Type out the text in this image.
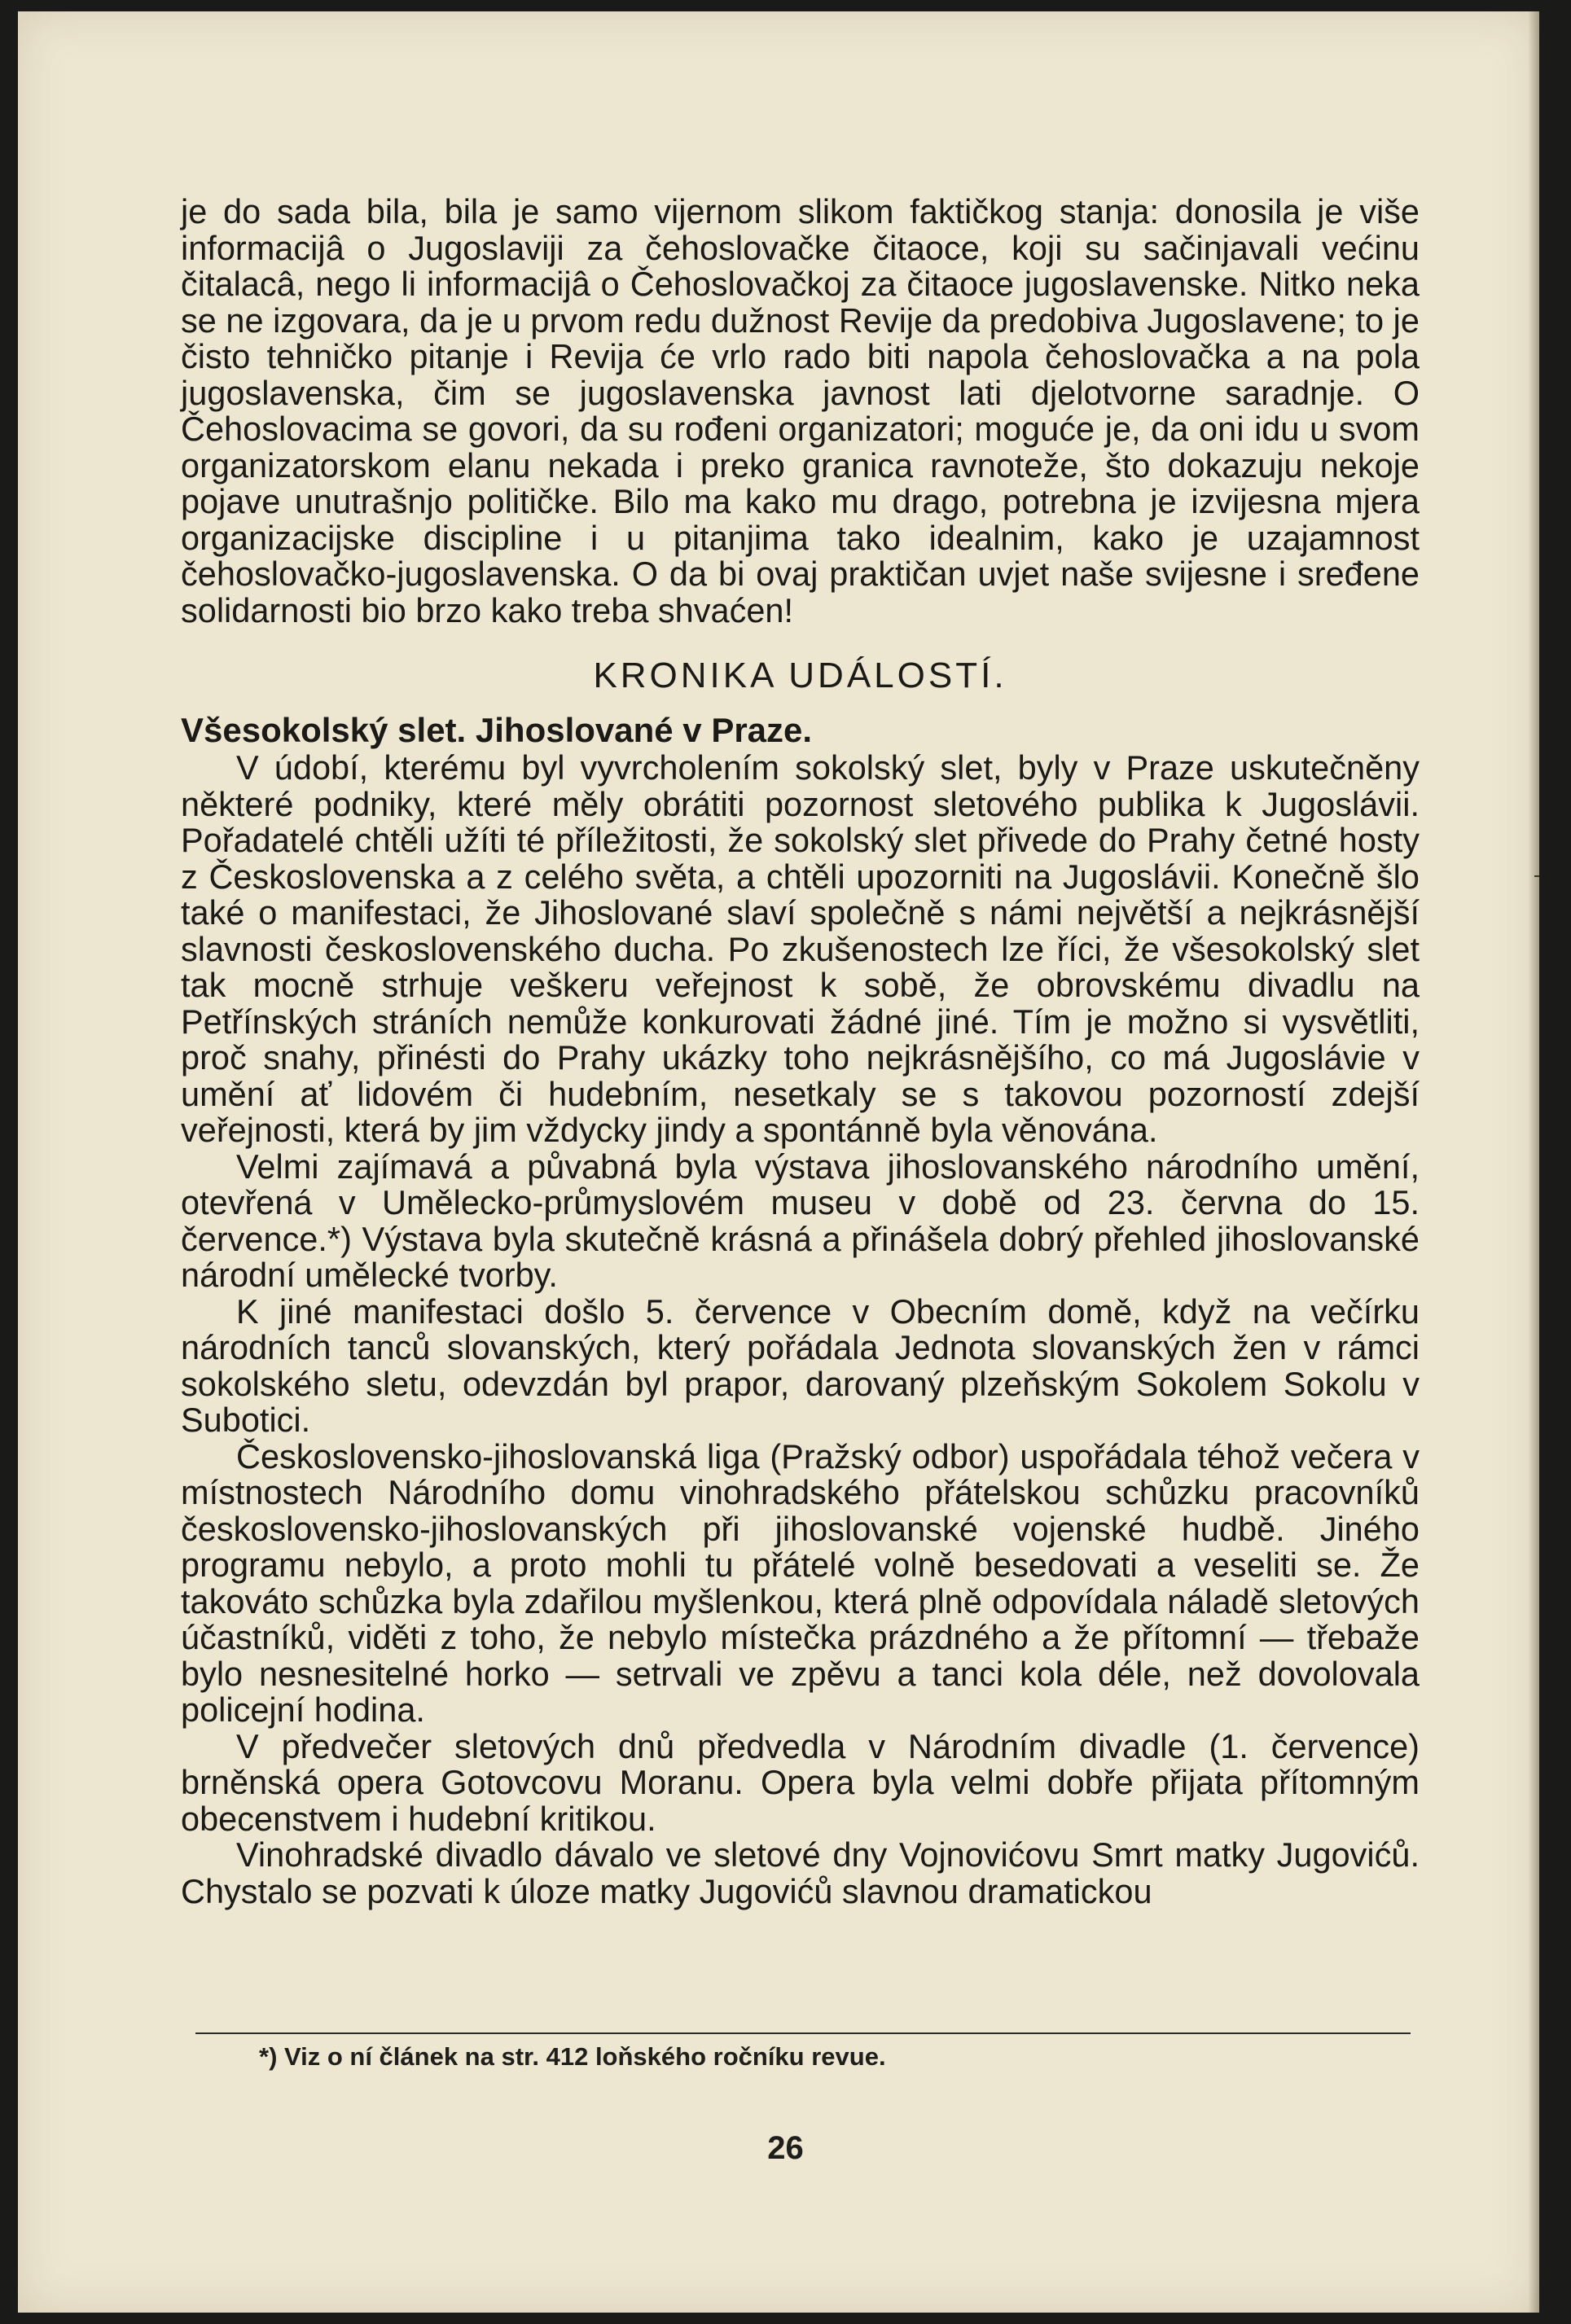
je do sada bila, bila je samo vijernom slikom faktičkog stanja: donosila je više informacijâ o Jugoslaviji za čehoslovačke čitaoce, koji su sačinjavali većinu čitalacâ, nego li informacijâ o Čehoslovačkoj za čitaoce jugoslavenske. Nitko neka se ne izgovara, da je u prvom redu dužnost Revije da predobiva Jugoslavene; to je čisto tehničko pitanje i Revija će vrlo rado biti napola čehoslovačka a na pola jugoslavenska, čim se jugoslavenska javnost lati djelotvorne saradnje. O Čehoslovacima se govori, da su rođeni organizatori; moguće je, da oni idu u svom organizatorskom elanu nekada i preko granica ravnoteže, što dokazuju nekoje pojave unutrašnjo političke. Bilo ma kako mu drago, potrebna je izvijesna mjera organizacijske discipline i u pitanjima tako idealnim, kako je uzajamnost čehoslovačko-jugoslavenska. O da bi ovaj praktičan uvjet naše svijesne i sređene solidarnosti bio brzo kako treba shvaćen!

KRONIKA UDÁLOSTÍ.
Všesokolský slet. Jihoslované v Praze.

V údobí, kterému byl vyvrcholením sokolský slet, byly v Praze uskutečněny některé podniky, které měly obrátiti pozornost sletového publika k Jugoslávii. Pořadatelé chtěli užíti té příležitosti, že sokolský slet přivede do Prahy četné hosty z Československa a z celého světa, a chtěli upozorniti na Jugoslávii. Konečně šlo také o manifestaci, že Jihoslované slaví společně s námi největší a nejkrásnější slavnosti československého ducha. Po zkušenostech lze říci, že všesokolský slet tak mocně strhuje veškeru veřejnost k sobě, že obrovskému divadlu na Petřínských stráních nemůže konkurovati žádné jiné. Tím je možno si vysvětliti, proč snahy, přinésti do Prahy ukázky toho nejkrásnějšího, co má Jugoslávie v umění ať lidovém či hudebním, nesetkaly se s takovou pozorností zdejší veřejnosti, která by jim vždycky jindy a spontánně byla věnována.

Velmi zajímavá a půvabná byla výstava jihoslovanského národního umění, otevřená v Umělecko-průmyslovém museu v době od 23. června do 15. července.*) Výstava byla skutečně krásná a přinášela dobrý přehled jihoslovanské národní umělecké tvorby.

K jiné manifestaci došlo 5. července v Obecním domě, když na večírku národních tanců slovanských, který pořádala Jednota slovanských žen v rámci sokolského sletu, odevzdán byl prapor, darovaný plzeňským Sokolem Sokolu v Subotici.

Československo-jihoslovanská liga (Pražský odbor) uspořádala téhož večera v místnostech Národního domu vinohradského přátelskou schůzku pracovníků československo-jihoslovanských při jihoslovanské vojenské hudbě. Jiného programu nebylo, a proto mohli tu přátelé volně besedovati a veseliti se. Že takováto schůzka byla zdařilou myšlenkou, která plně odpovídala náladě sletových účastníků, viděti z toho, že nebylo místečka prázdného a že přítomní — třebaže bylo nesnesitelné horko — setrvali ve zpěvu a tanci kola déle, než dovolovala policejní hodina.

V předvečer sletových dnů předvedla v Národním divadle (1. července) brněnská opera Gotovcovu Moranu. Opera byla velmi dobře přijata přítomným obecenstvem i hudební kritikou.

Vinohradské divadlo dávalo ve sletové dny Vojnovićovu Smrt matky Jugovićů. Chystalo se pozvati k úloze matky Jugovićů slavnou dramatickou

*) Viz o ní článek na str. 412 loňského ročníku revue.
26
